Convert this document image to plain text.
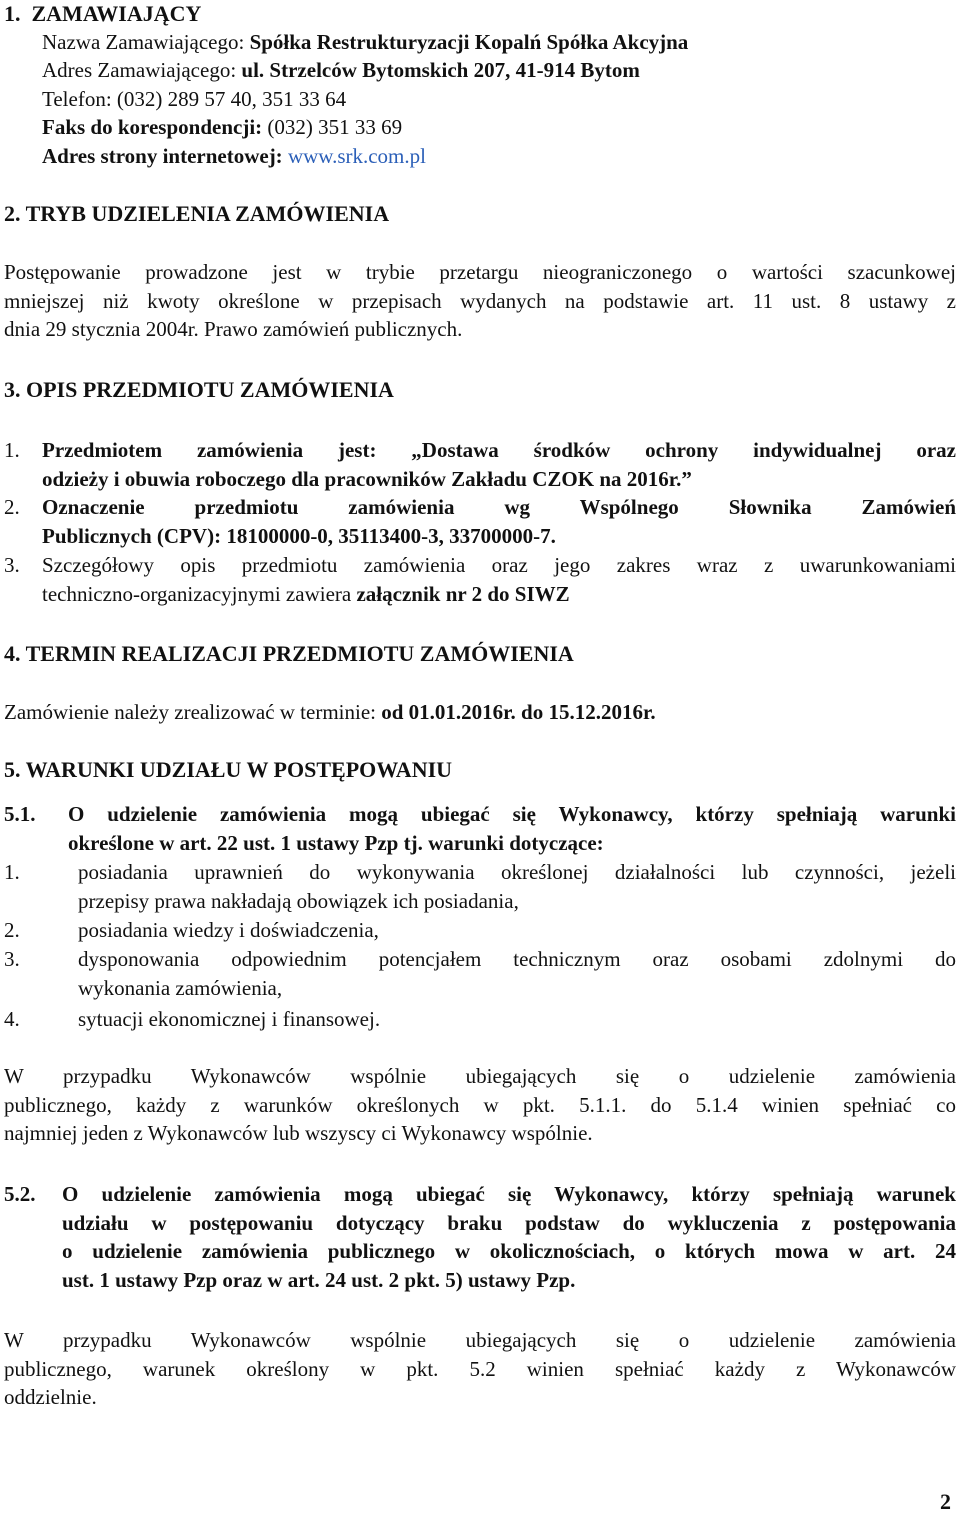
1.  ZAMAWIAJĄCY
Nazwa Zamawiającego: Spółka Restrukturyzacji Kopalń Spółka Akcyjna
Adres Zamawiającego: ul. Strzelców Bytomskich 207, 41-914 Bytom
Telefon: (032) 289 57 40, 351 33 64
Faks do korespondencji: (032) 351 33 69
Adres strony internetowej: www.srk.com.pl
2. TRYB UDZIELENIA ZAMÓWIENIA
Postępowanie prowadzone jest w trybie przetargu nieograniczonego o wartości szacunkowej
mniejszej niż kwoty określone w przepisach wydanych na podstawie art. 11 ust. 8 ustawy z
dnia 29 stycznia 2004r. Prawo zamówień publicznych.
3. OPIS PRZEDMIOTU ZAMÓWIENIA
1. Przedmiotem zamówienia jest: „Dostawa środków ochrony indywidualnej oraz
odzieży i obuwia roboczego dla pracowników Zakładu CZOK na 2016r.”
2. Oznaczenie przedmiotu zamówienia wg Wspólnego Słownika Zamówień
Publicznych (CPV): 18100000-0, 35113400-3, 33700000-7.
3. Szczegółowy opis przedmiotu zamówienia oraz jego zakres wraz z uwarunkowaniami
techniczno-organizacyjnymi zawiera załącznik nr 2 do SIWZ
4. TERMIN REALIZACJI PRZEDMIOTU ZAMÓWIENIA
Zamówienie należy zrealizować w terminie: od 01.01.2016r. do 15.12.2016r.
5. WARUNKI UDZIAŁU W POSTĘPOWANIU
5.1. O udzielenie zamówienia mogą ubiegać się Wykonawcy, którzy spełniają warunki
określone w art. 22 ust. 1 ustawy Pzp tj. warunki dotyczące:
1.	posiadania uprawnień do wykonywania określonej działalności lub czynności, jeżeli
przepisy prawa nakładają obowiązek ich posiadania,
2.	posiadania wiedzy i doświadczenia,
3.	dysponowania odpowiednim potencjałem technicznym oraz osobami zdolnymi do
wykonania zamówienia,
4.	sytuacji ekonomicznej i finansowej.
W przypadku Wykonawców wspólnie ubiegających się o udzielenie zamówienia
publicznego, każdy z warunków określonych w pkt. 5.1.1. do 5.1.4 winien spełniać co
najmniej jeden z Wykonawców lub wszyscy ci Wykonawcy wspólnie.
5.2. O udzielenie zamówienia mogą ubiegać się Wykonawcy, którzy spełniają warunek
udziału w postępowaniu dotyczący braku podstaw do wykluczenia z postępowania
o udzielenie zamówienia publicznego w okolicznościach, o których mowa w art. 24
ust. 1 ustawy Pzp oraz w art. 24 ust. 2 pkt. 5) ustawy Pzp.
W przypadku Wykonawców wspólnie ubiegających się o udzielenie zamówienia
publicznego, warunek określony w pkt. 5.2 winien spełniać każdy z Wykonawców
oddzielnie.
2
